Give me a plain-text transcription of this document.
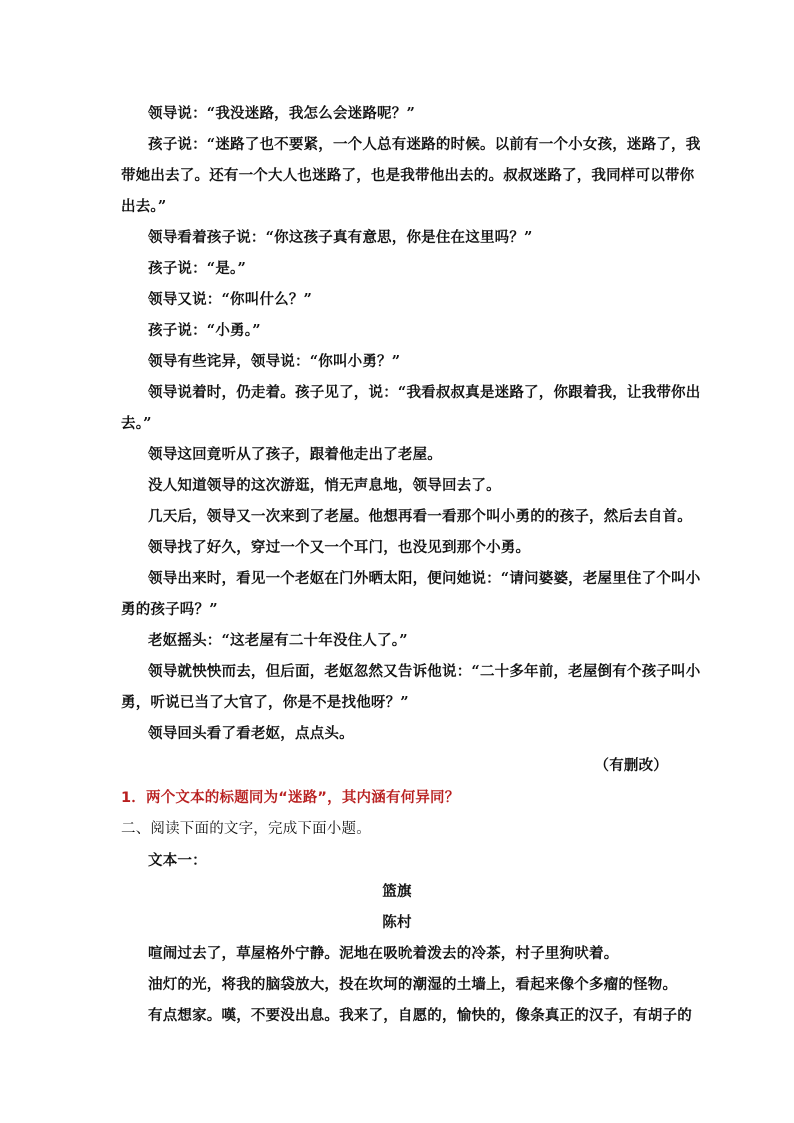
领导说：“我没迷路，我怎么会迷路呢？”
孩子说：“迷路了也不要紧，一个人总有迷路的时候。以前有一个小女孩，迷路了，我
带她出去了。还有一个大人也迷路了，也是我带他出去的。叔叔迷路了，我同样可以带你
出去。”
领导看着孩子说：“你这孩子真有意思，你是住在这里吗？”
孩子说：“是。”
领导又说：“你叫什么？”
孩子说：“小勇。”
领导有些诧异，领导说：“你叫小勇？”
领导说着时，仍走着。孩子见了，说：“我看叔叔真是迷路了，你跟着我，让我带你出
去。”
领导这回竟听从了孩子，跟着他走出了老屋。
没人知道领导的这次游逛，悄无声息地，领导回去了。
几天后，领导又一次来到了老屋。他想再看一看那个叫小勇的的孩子，然后去自首。
领导找了好久，穿过一个又一个耳门，也没见到那个小勇。
领导出来时，看见一个老妪在门外晒太阳，便问她说：“请问婆婆，老屋里住了个叫小
勇的孩子吗？”
老妪摇头：“这老屋有二十年没住人了。”
领导就怏怏而去，但后面，老妪忽然又告诉他说：“二十多年前，老屋倒有个孩子叫小
勇，听说已当了大官了，你是不是找他呀？”
领导回头看了看老妪，点点头。
（有删改）
1．两个文本的标题同为“迷路”，其内涵有何异同？
二、阅读下面的文字，完成下面小题。
文本一：
篮旗
陈村
喧闹过去了，草屋格外宁静。泥地在吸吮着泼去的冷茶，村子里狗吠着。
油灯的光，将我的脑袋放大，投在坎坷的潮湿的土墙上，看起来像个多瘤的怪物。
有点想家。嘆，不要没出息。我来了，自愿的，愉快的，像条真正的汉子，有胡子的
